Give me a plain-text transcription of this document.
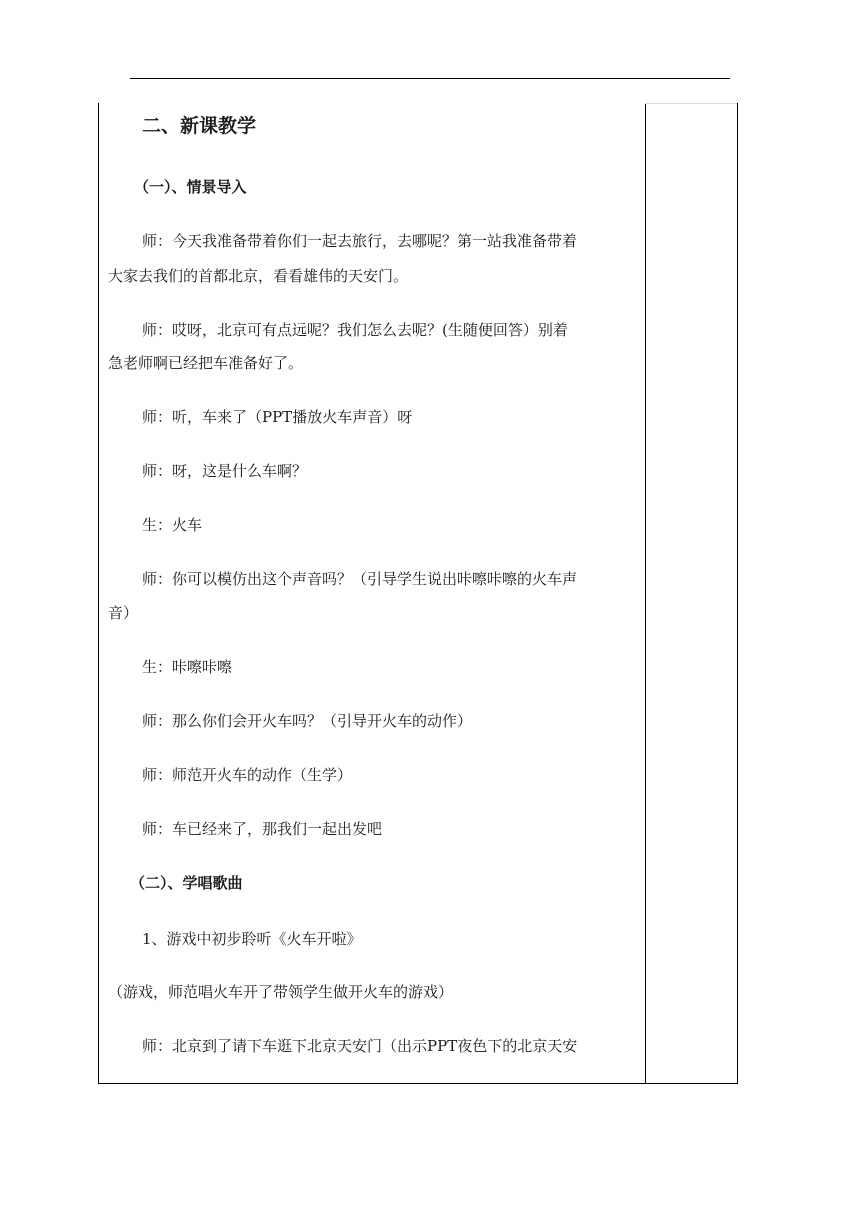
二、新课教学
（一）、情景导入
师：今天我准备带着你们一起去旅行，去哪呢？第一站我准备带着
大家去我们的首都北京，看看雄伟的天安门。
师：哎呀，北京可有点远呢？我们怎么去呢？(生随便回答）别着
急老师啊已经把车准备好了。
师：听，车来了（PPT播放火车声音）呀
师：呀，这是什么车啊？
生：火车
师：你可以模仿出这个声音吗？（引导学生说出咔嚓咔嚓的火车声
音）
生：咔嚓咔嚓
师：那么你们会开火车吗？（引导开火车的动作）
师：师范开火车的动作（生学）
师：车已经来了，那我们一起出发吧
（二）、学唱歌曲
1、游戏中初步聆听《火车开啦》
（游戏，师范唱火车开了带领学生做开火车的游戏）
师：北京到了请下车逛下北京天安门（出示PPT夜色下的北京天安
